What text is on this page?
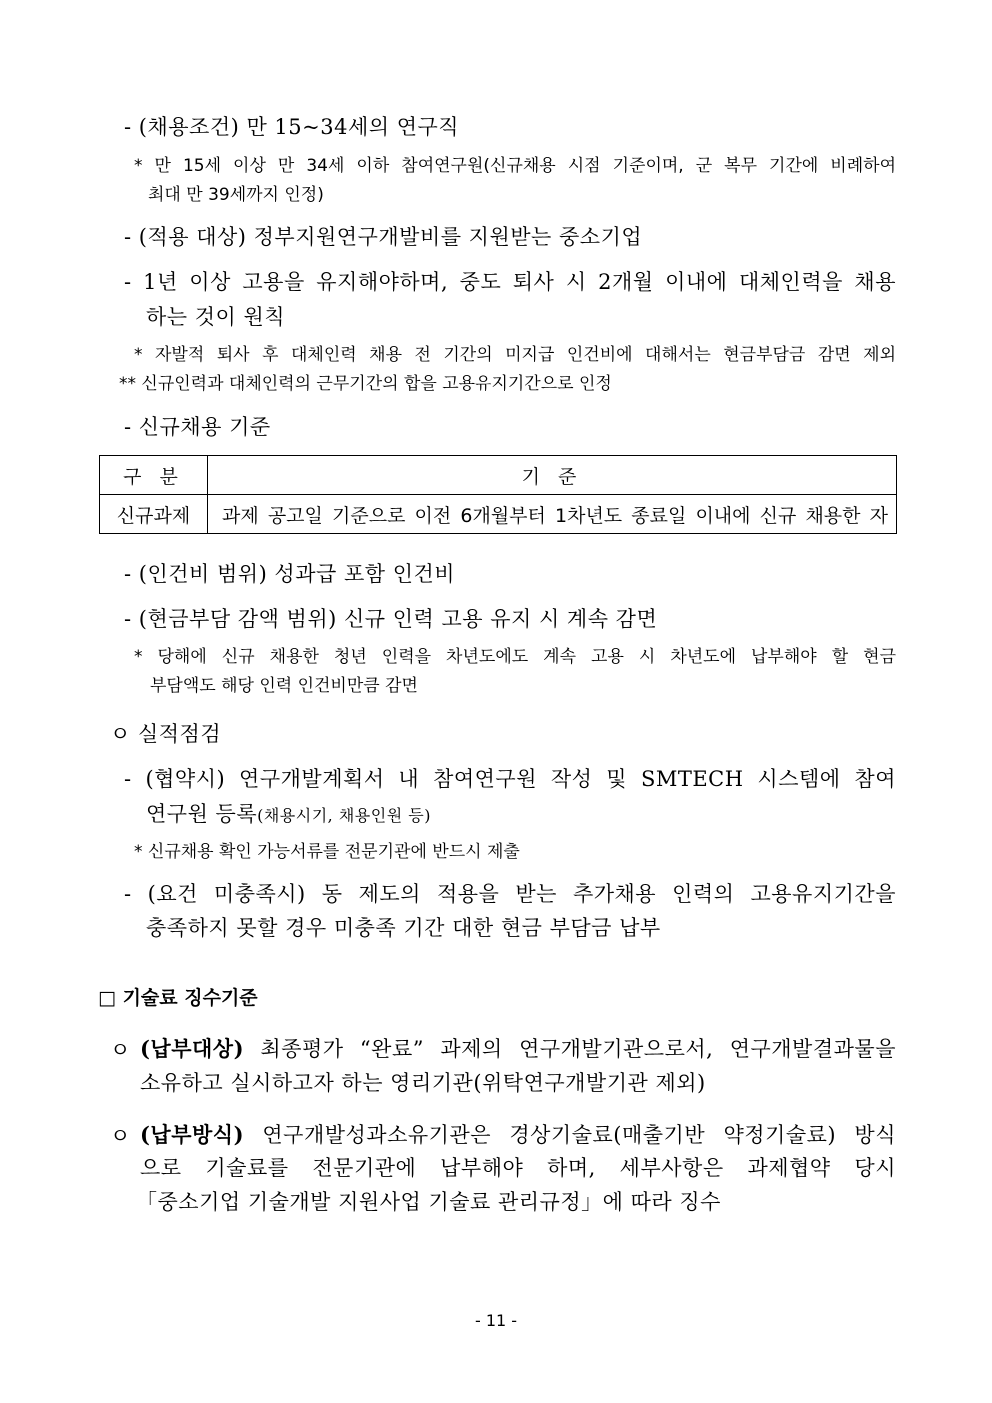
- (채용조건) 만 15~34세의 연구직
* 만 15세 이상 만 34세 이하 참여연구원(신규채용 시점 기준이며, 군 복무 기간에 비례하여
최대 만 39세까지 인정)
- (적용 대상) 정부지원연구개발비를 지원받는 중소기업
- 1년 이상 고용을 유지해야하며, 중도 퇴사 시 2개월 이내에 대체인력을 채용
하는 것이 원칙
* 자발적 퇴사 후 대체인력 채용 전 기간의 미지급 인건비에 대해서는 현금부담금 감면 제외
** 신규인력과 대체인력의 근무기간의 합을 고용유지기간으로 인정
- 신규채용 기준
구 분	기 준
신규과제	과제 공고일 기준으로 이전 6개월부터 1차년도 종료일 이내에 신규 채용한 자
- (인건비 범위) 성과급 포함 인건비
- (현금부담 감액 범위) 신규 인력 고용 유지 시 계속 감면
* 당해에 신규 채용한 청년 인력을 차년도에도 계속 고용 시 차년도에 납부해야 할 현금
부담액도 해당 인력 인건비만큼 감면
ㅇ 실적점검
- (협약시) 연구개발계획서 내 참여연구원 작성 및 SMTECH 시스템에 참여
연구원 등록(채용시기, 채용인원 등)
* 신규채용 확인 가능서류를 전문기관에 반드시 제출
- (요건 미충족시) 동 제도의 적용을 받는 추가채용 인력의 고용유지기간을
충족하지 못할 경우 미충족 기간 대한 현금 부담금 납부
□ 기술료 징수기준
ㅇ (납부대상) 최종평가 “완료” 과제의 연구개발기관으로서, 연구개발결과물을
소유하고 실시하고자 하는 영리기관(위탁연구개발기관 제외)
ㅇ (납부방식) 연구개발성과소유기관은 경상기술료(매출기반 약정기술료) 방식
으로 기술료를 전문기관에 납부해야 하며, 세부사항은 과제협약 당시
「중소기업 기술개발 지원사업 기술료 관리규정」에 따라 징수
- 11 -
